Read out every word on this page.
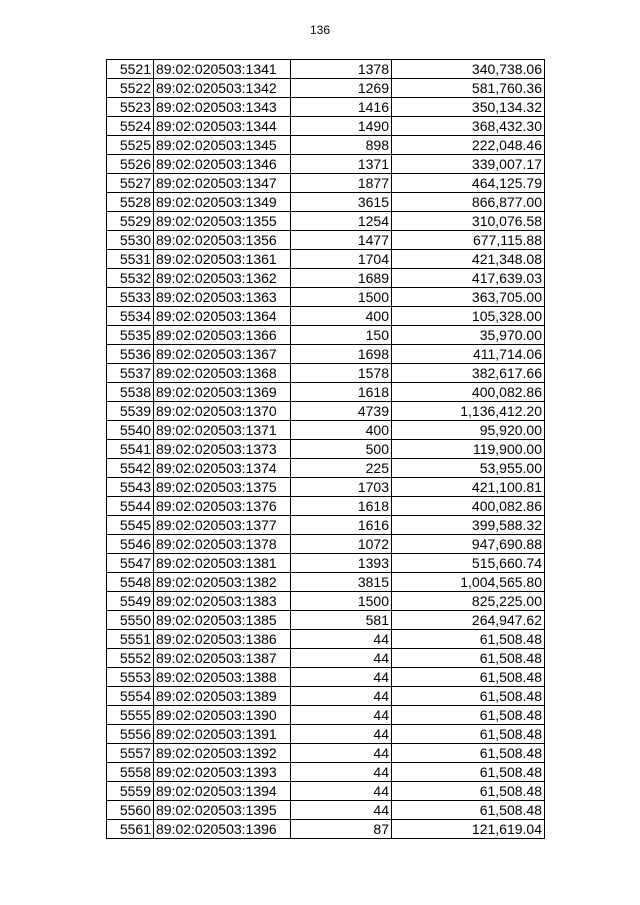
136
5521	89:02:020503:1341	1378	340,738.06
5522	89:02:020503:1342	1269	581,760.36
5523	89:02:020503:1343	1416	350,134.32
5524	89:02:020503:1344	1490	368,432.30
5525	89:02:020503:1345	898	222,048.46
5526	89:02:020503:1346	1371	339,007.17
5527	89:02:020503:1347	1877	464,125.79
5528	89:02:020503:1349	3615	866,877.00
5529	89:02:020503:1355	1254	310,076.58
5530	89:02:020503:1356	1477	677,115.88
5531	89:02:020503:1361	1704	421,348.08
5532	89:02:020503:1362	1689	417,639.03
5533	89:02:020503:1363	1500	363,705.00
5534	89:02:020503:1364	400	105,328.00
5535	89:02:020503:1366	150	35,970.00
5536	89:02:020503:1367	1698	411,714.06
5537	89:02:020503:1368	1578	382,617.66
5538	89:02:020503:1369	1618	400,082.86
5539	89:02:020503:1370	4739	1,136,412.20
5540	89:02:020503:1371	400	95,920.00
5541	89:02:020503:1373	500	119,900.00
5542	89:02:020503:1374	225	53,955.00
5543	89:02:020503:1375	1703	421,100.81
5544	89:02:020503:1376	1618	400,082.86
5545	89:02:020503:1377	1616	399,588.32
5546	89:02:020503:1378	1072	947,690.88
5547	89:02:020503:1381	1393	515,660.74
5548	89:02:020503:1382	3815	1,004,565.80
5549	89:02:020503:1383	1500	825,225.00
5550	89:02:020503:1385	581	264,947.62
5551	89:02:020503:1386	44	61,508.48
5552	89:02:020503:1387	44	61,508.48
5553	89:02:020503:1388	44	61,508.48
5554	89:02:020503:1389	44	61,508.48
5555	89:02:020503:1390	44	61,508.48
5556	89:02:020503:1391	44	61,508.48
5557	89:02:020503:1392	44	61,508.48
5558	89:02:020503:1393	44	61,508.48
5559	89:02:020503:1394	44	61,508.48
5560	89:02:020503:1395	44	61,508.48
5561	89:02:020503:1396	87	121,619.04
